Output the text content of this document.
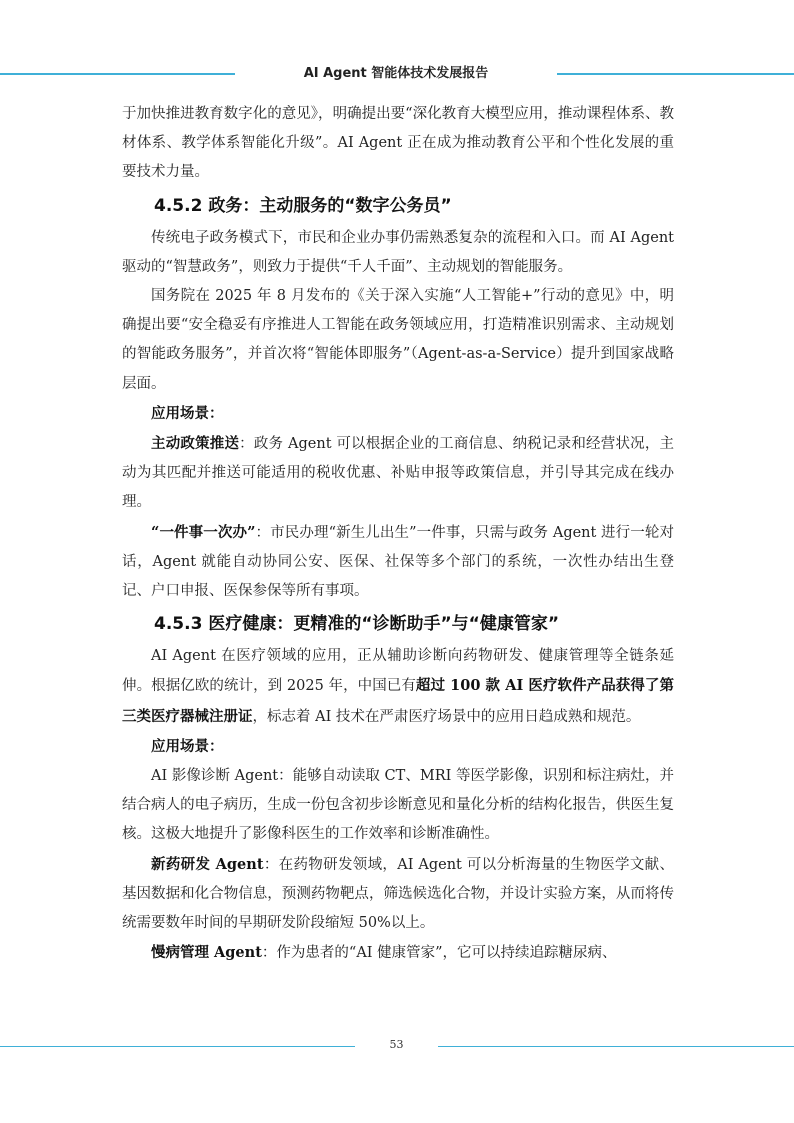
AI Agent 智能体技术发展报告

于加快推进教育数字化的意见》，明确提出要“深化教育大模型应用，推动课程体系、教材体系、教学体系智能化升级”。AI Agent 正在成为推动教育公平和个性化发展的重要技术力量。

4.5.2 政务：主动服务的“数字公务员”

传统电子政务模式下，市民和企业办事仍需熟悉复杂的流程和入口。而 AI Agent 驱动的“智慧政务”，则致力于提供“千人千面”、主动规划的智能服务。

国务院在 2025 年 8 月发布的《关于深入实施“人工智能+”行动的意见》中，明确提出要“安全稳妥有序推进人工智能在政务领域应用，打造精准识别需求、主动规划的智能政务服务”，并首次将“智能体即服务”（Agent-as-a-Service）提升到国家战略层面。

应用场景：

主动政策推送：政务 Agent 可以根据企业的工商信息、纳税记录和经营状况，主动为其匹配并推送可能适用的税收优惠、补贴申报等政策信息，并引导其完成在线办理。

“一件事一次办”：市民办理“新生儿出生”一件事，只需与政务 Agent 进行一轮对话，Agent 就能自动协同公安、医保、社保等多个部门的系统，一次性办结出生登记、户口申报、医保参保等所有事项。

4.5.3 医疗健康：更精准的“诊断助手”与“健康管家”

AI Agent 在医疗领域的应用，正从辅助诊断向药物研发、健康管理等全链条延伸。根据亿欧的统计，到 2025 年，中国已有超过 100 款 AI 医疗软件产品获得了第三类医疗器械注册证，标志着 AI 技术在严肃医疗场景中的应用日趋成熟和规范。

应用场景：

AI 影像诊断 Agent：能够自动读取 CT、MRI 等医学影像，识别和标注病灶，并结合病人的电子病历，生成一份包含初步诊断意见和量化分析的结构化报告，供医生复核。这极大地提升了影像科医生的工作效率和诊断准确性。

新药研发 Agent：在药物研发领域，AI Agent 可以分析海量的生物医学文献、基因数据和化合物信息，预测药物靶点，筛选候选化合物，并设计实验方案，从而将传统需要数年时间的早期研发阶段缩短 50%以上。

慢病管理 Agent：作为患者的“AI 健康管家”，它可以持续追踪糖尿病、

53
